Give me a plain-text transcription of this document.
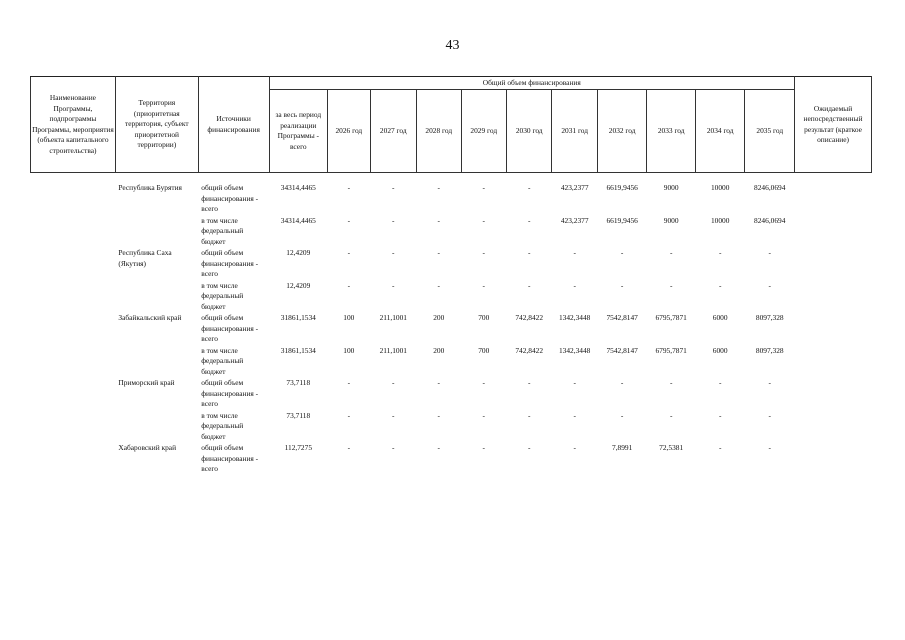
43
Наименование Программы, подпрограммы Программы, мероприятия (объекта капитального строительства)	Территория (приоритетная территория, субъект приоритетной территории)	Источники финансирования	Общий объем финансирования											Ожидаемый непосредственный результат (краткое описание)
			за весь период реализации Программы - всего	2026 год	2027 год	2028 год	2029 год	2030 год	2031 год	2032 год	2033 год	2034 год	2035 год	
	Республика Бурятия	общий объем финансирования - всего	34314,4465	-	-	-	-	-	423,2377	6619,9456	9000	10000	8246,0694	
		в том числе федеральный бюджет	34314,4465	-	-	-	-	-	423,2377	6619,9456	9000	10000	8246,0694	
	Республика Саха (Якутия)	общий объем финансирования - всего	12,4209	-	-	-	-	-	-	-	-	-	-	
		в том числе федеральный бюджет	12,4209	-	-	-	-	-	-	-	-	-	-	
	Забайкальский край	общий объем финансирования - всего	31861,1534	100	211,1001	200	700	742,8422	1342,3448	7542,8147	6795,7871	6000	8097,328	
		в том числе федеральный бюджет	31861,1534	100	211,1001	200	700	742,8422	1342,3448	7542,8147	6795,7871	6000	8097,328	
	Приморский край	общий объем финансирования - всего	73,7118	-	-	-	-	-	-	-	-	-	-	
		в том числе федеральный бюджет	73,7118	-	-	-	-	-	-	-	-	-	-	
	Хабаровский край	общий объем финансирования - всего	112,7275	-	-	-	-	-	-	7,8991	72,5381	-	-	
